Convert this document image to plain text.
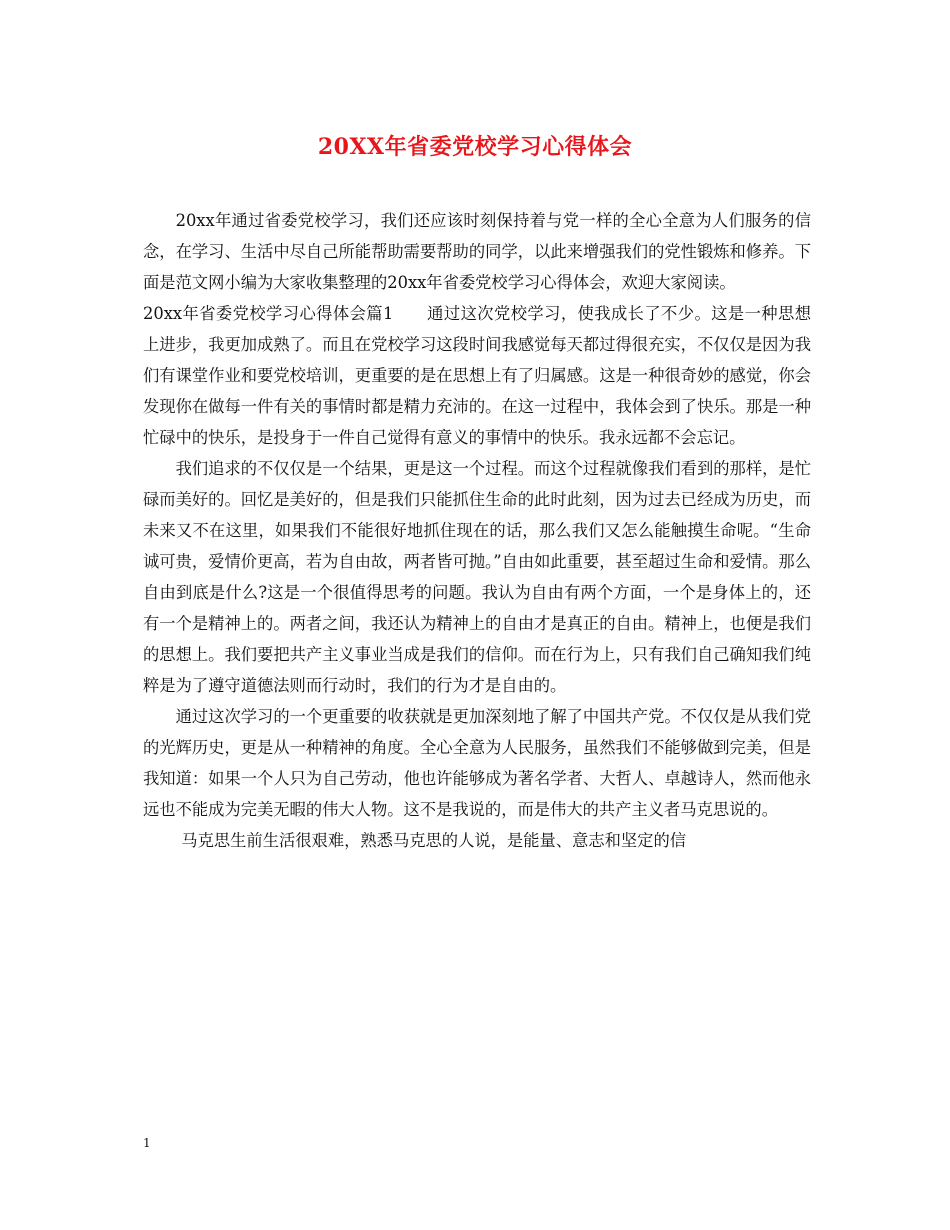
20XX年省委党校学习心得体会

20xx年通过省委党校学习，我们还应该时刻保持着与党一样的全心全意为人们服务的信念，在学习、生活中尽自己所能帮助需要帮助的同学，以此来增强我们的党性锻炼和修养。下面是范文网小编为大家收集整理的20xx年省委党校学习心得体会，欢迎大家阅读。

20xx年省委党校学习心得体会篇1　　通过这次党校学习，使我成长了不少。这是一种思想上进步，我更加成熟了。而且在党校学习这段时间我感觉每天都过得很充实，不仅仅是因为我们有课堂作业和要党校培训，更重要的是在思想上有了归属感。这是一种很奇妙的感觉，你会发现你在做每一件有关的事情时都是精力充沛的。在这一过程中，我体会到了快乐。那是一种忙碌中的快乐，是投身于一件自己觉得有意义的事情中的快乐。我永远都不会忘记。

我们追求的不仅仅是一个结果，更是这一个过程。而这个过程就像我们看到的那样，是忙碌而美好的。回忆是美好的，但是我们只能抓住生命的此时此刻，因为过去已经成为历史，而未来又不在这里，如果我们不能很好地抓住现在的话，那么我们又怎么能触摸生命呢。“生命诚可贵，爱情价更高，若为自由故，两者皆可抛。”自由如此重要，甚至超过生命和爱情。那么自由到底是什么?这是一个很值得思考的问题。我认为自由有两个方面，一个是身体上的，还有一个是精神上的。两者之间，我还认为精神上的自由才是真正的自由。精神上，也便是我们的思想上。我们要把共产主义事业当成是我们的信仰。而在行为上，只有我们自己确知我们纯粹是为了遵守道德法则而行动时，我们的行为才是自由的。

通过这次学习的一个更重要的收获就是更加深刻地了解了中国共产党。不仅仅是从我们党的光辉历史，更是从一种精神的角度。全心全意为人民服务，虽然我们不能够做到完美，但是我知道：如果一个人只为自己劳动，他也许能够成为著名学者、大哲人、卓越诗人，然而他永远也不能成为完美无暇的伟大人物。这不是我说的，而是伟大的共产主义者马克思说的。

马克思生前生活很艰难，熟悉马克思的人说，是能量、意志和坚定的信

1
